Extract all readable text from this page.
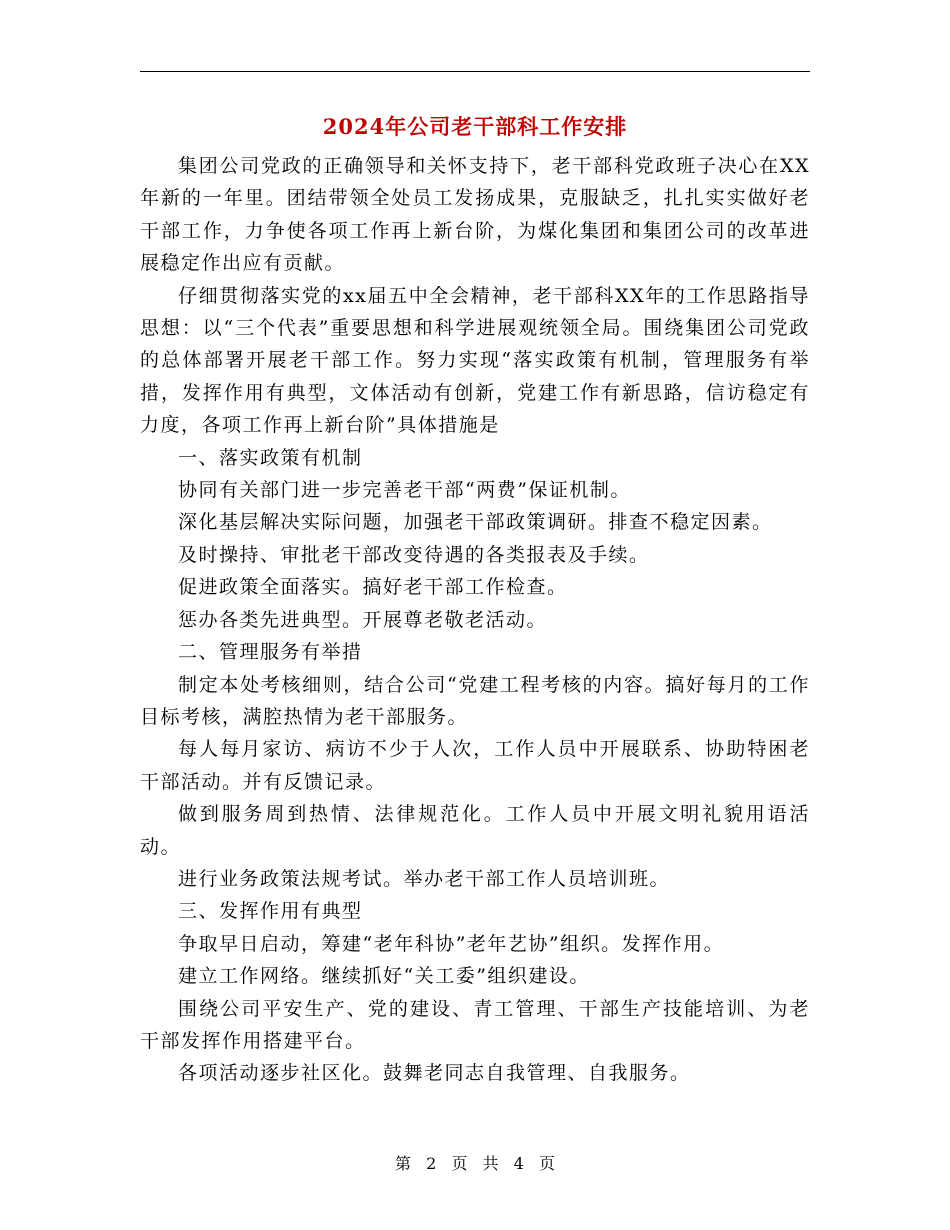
2024年公司老干部科工作安排

集团公司党政的正确领导和关怀支持下，老干部科党政班子决心在XX年新的一年里。团结带领全处员工发扬成果，克服缺乏，扎扎实实做好老干部工作，力争使各项工作再上新台阶，为煤化集团和集团公司的改革进展稳定作出应有贡献。

仔细贯彻落实党的xx届五中全会精神，老干部科XX年的工作思路指导思想：以“三个代表”重要思想和科学进展观统领全局。围绕集团公司党政的总体部署开展老干部工作。努力实现“落实政策有机制，管理服务有举措，发挥作用有典型，文体活动有创新，党建工作有新思路，信访稳定有力度，各项工作再上新台阶”具体措施是

一、落实政策有机制

协同有关部门进一步完善老干部“两费”保证机制。

深化基层解决实际问题，加强老干部政策调研。排查不稳定因素。

及时操持、审批老干部改变待遇的各类报表及手续。

促进政策全面落实。搞好老干部工作检查。

惩办各类先进典型。开展尊老敬老活动。

二、管理服务有举措

制定本处考核细则，结合公司“党建工程考核的内容。搞好每月的工作目标考核，满腔热情为老干部服务。

每人每月家访、病访不少于人次，工作人员中开展联系、协助特困老干部活动。并有反馈记录。

做到服务周到热情、法律规范化。工作人员中开展文明礼貌用语活动。

进行业务政策法规考试。举办老干部工作人员培训班。

三、发挥作用有典型

争取早日启动，筹建“老年科协”老年艺协”组织。发挥作用。

建立工作网络。继续抓好“关工委”组织建设。

围绕公司平安生产、党的建设、青工管理、干部生产技能培训、为老干部发挥作用搭建平台。

各项活动逐步社区化。鼓舞老同志自我管理、自我服务。

第 2 页 共 4 页
